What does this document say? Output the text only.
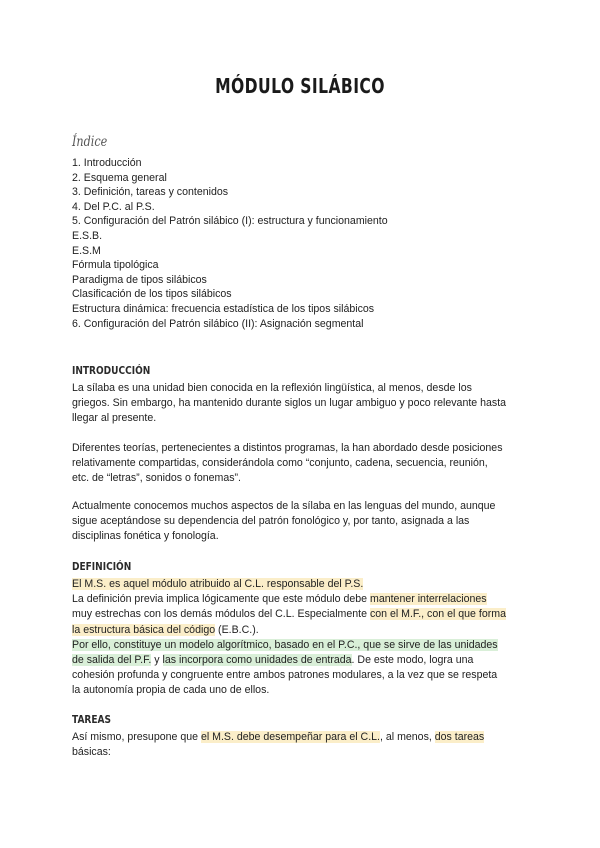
MÓDULO SILÁBICO
Índice
1. Introducción
2. Esquema general
3. Definición, tareas y contenidos
4. Del P.C. al P.S.
5. Configuración del Patrón silábico (I): estructura y funcionamiento
E.S.B.
E.S.M
Fórmula tipológica
Paradigma de tipos silábicos
Clasificación de los tipos silábicos
Estructura dinámica: frecuencia estadística de los tipos silábicos
6. Configuración del Patrón silábico (II): Asignación segmental
INTRODUCCIÓN
La sílaba es una unidad bien conocida en la reflexión lingüística, al menos, desde los
griegos. Sin embargo, ha mantenido durante siglos un lugar ambiguo y poco relevante hasta
llegar al presente.
Diferentes teorías, pertenecientes a distintos programas, la han abordado desde posiciones
relativamente compartidas, considerándola como “conjunto, cadena, secuencia, reunión,
etc. de “letras”, sonidos o fonemas”.
Actualmente conocemos muchos aspectos de la sílaba en las lenguas del mundo, aunque
sigue aceptándose su dependencia del patrón fonológico y, por tanto, asignada a las
disciplinas fonética y fonología.
DEFINICIÓN
El M.S. es aquel módulo atribuido al C.L. responsable del P.S.
La definición previa implica lógicamente que este módulo debe mantener interrelaciones
muy estrechas con los demás módulos del C.L. Especialmente con el M.F., con el que forma
la estructura básica del código (E.B.C.).
Por ello, constituye un modelo algorítmico, basado en el P.C., que se sirve de las unidades
de salida del P.F. y las incorpora como unidades de entrada. De este modo, logra una
cohesión profunda y congruente entre ambos patrones modulares, a la vez que se respeta
la autonomía propia de cada uno de ellos.
TAREAS
Así mismo, presupone que el M.S. debe desempeñar para el C.L., al menos, dos tareas
básicas:
